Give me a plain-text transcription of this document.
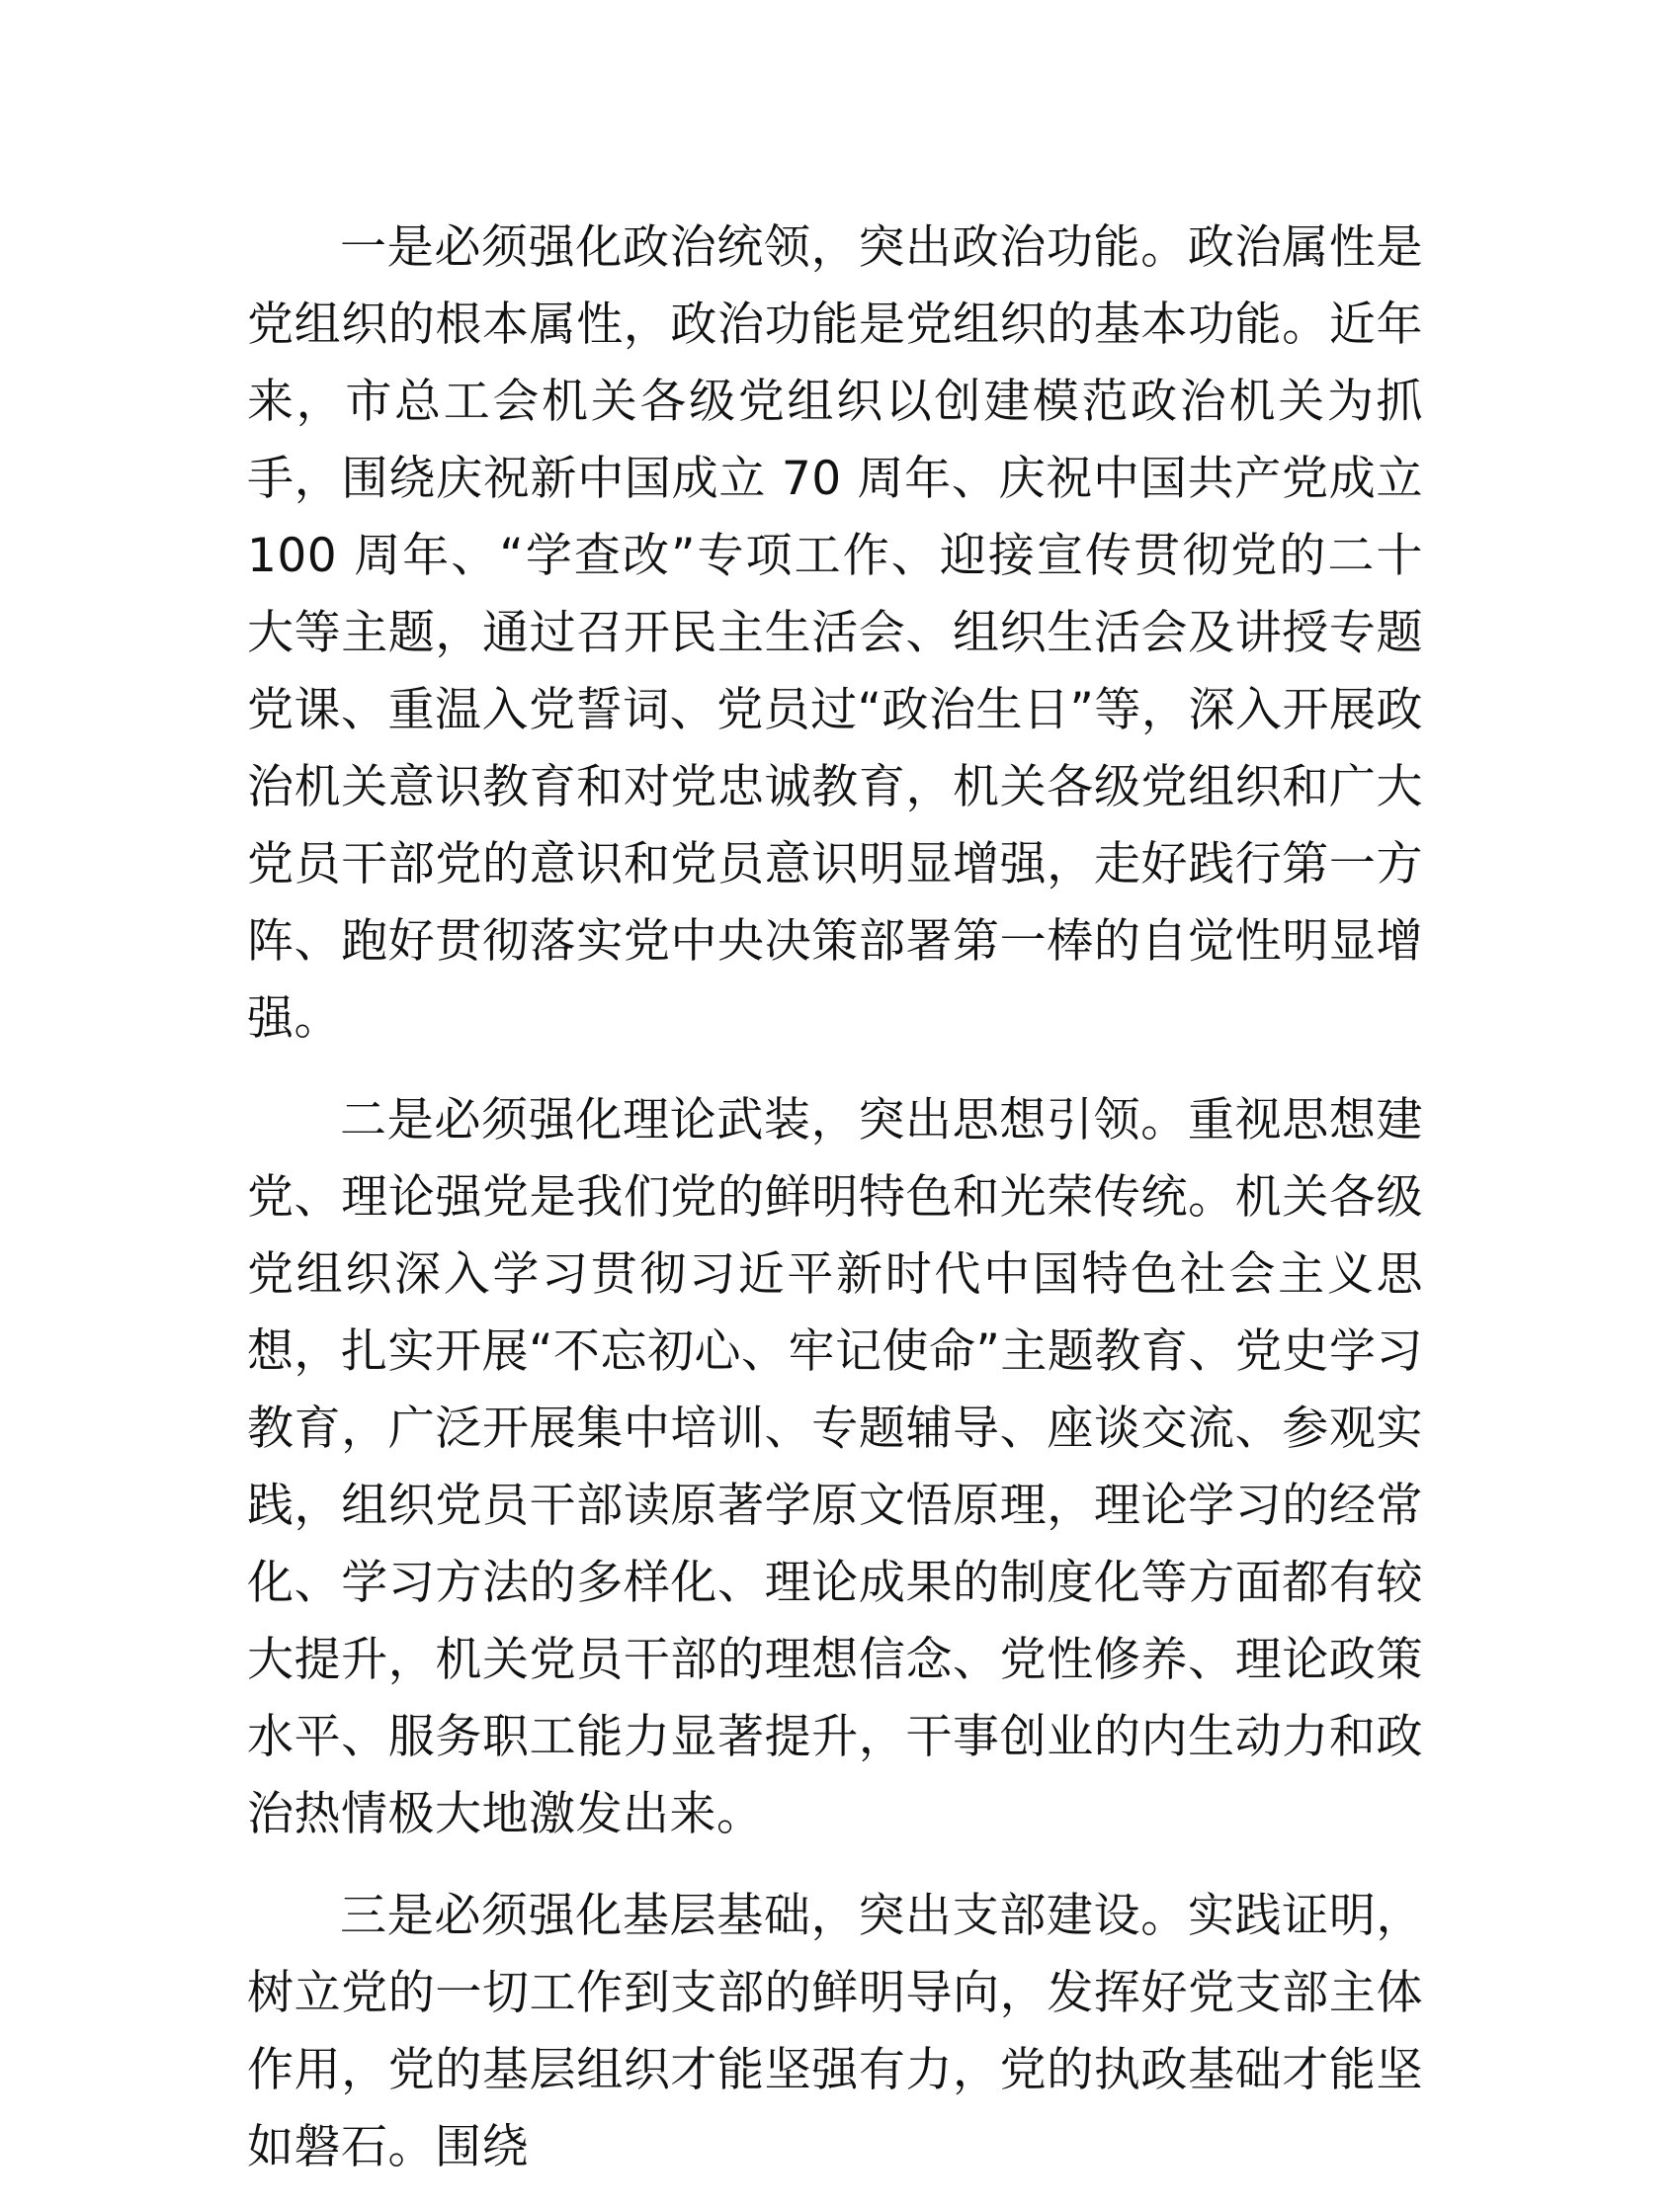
一是必须强化政治统领，突出政治功能。政治属性是党组织的根本属性，政治功能是党组织的基本功能。近年来，市总工会机关各级党组织以创建模范政治机关为抓手，围绕庆祝新中国成立 70 周年、庆祝中国共产党成立 100 周年、“学查改”专项工作、迎接宣传贯彻党的二十大等主题，通过召开民主生活会、组织生活会及讲授专题党课、重温入党誓词、党员过“政治生日”等，深入开展政治机关意识教育和对党忠诚教育，机关各级党组织和广大党员干部党的意识和党员意识明显增强，走好践行第一方阵、跑好贯彻落实党中央决策部署第一棒的自觉性明显增强。

二是必须强化理论武装，突出思想引领。重视思想建党、理论强党是我们党的鲜明特色和光荣传统。机关各级党组织深入学习贯彻习近平新时代中国特色社会主义思想，扎实开展“不忘初心、牢记使命”主题教育、党史学习教育，广泛开展集中培训、专题辅导、座谈交流、参观实践，组织党员干部读原著学原文悟原理，理论学习的经常化、学习方法的多样化、理论成果的制度化等方面都有较大提升，机关党员干部的理想信念、党性修养、理论政策水平、服务职工能力显著提升，干事创业的内生动力和政治热情极大地激发出来。

三是必须强化基层基础，突出支部建设。实践证明，树立党的一切工作到支部的鲜明导向，发挥好党支部主体作用，党的基层组织才能坚强有力，党的执政基础才能坚如磐石。围绕
